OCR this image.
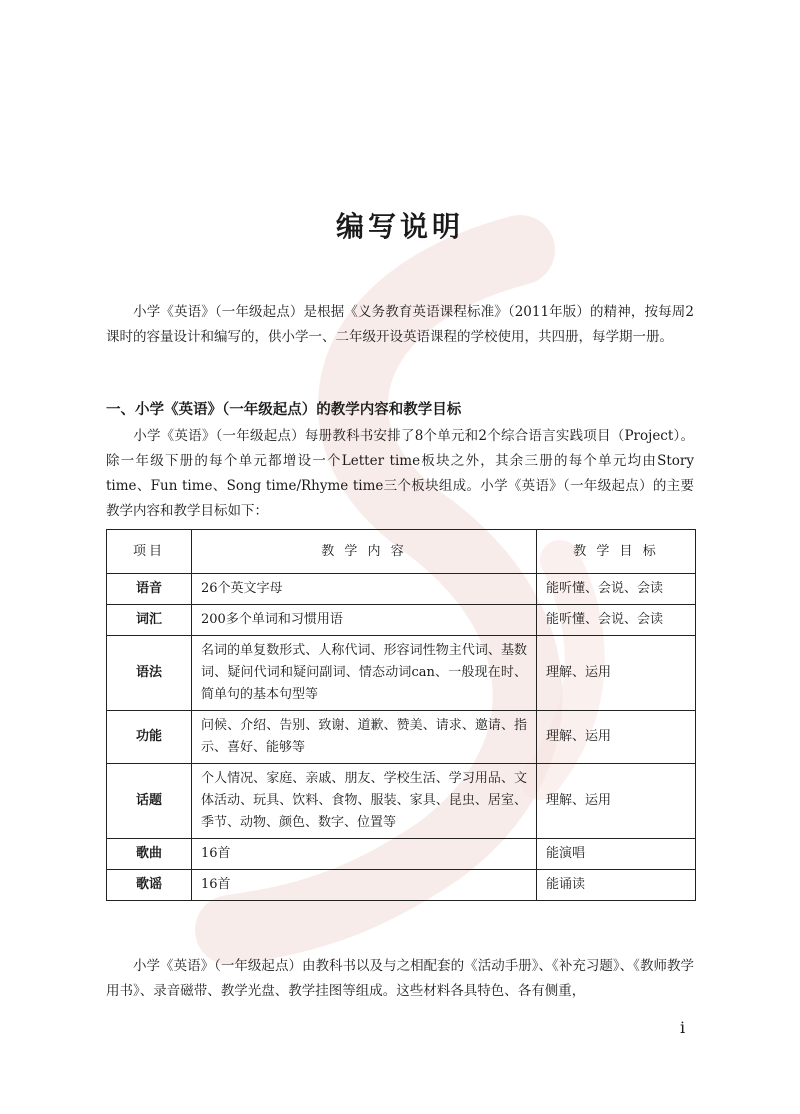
编写说明

小学《英语》（一年级起点）是根据《义务教育英语课程标准》（2011年版）的精神，按每周2课时的容量设计和编写的，供小学一、二年级开设英语课程的学校使用，共四册，每学期一册。

一、小学《英语》（一年级起点）的教学内容和教学目标

小学《英语》（一年级起点）每册教科书安排了8个单元和2个综合语言实践项目（Project）。除一年级下册的每个单元都增设一个Letter time板块之外，其余三册的每个单元均由Story time、Fun time、Song time/Rhyme time三个板块组成。小学《英语》（一年级起点）的主要教学内容和教学目标如下：

项目	教 学 内 容	教 学 目 标
语音	26个英文字母	能听懂、会说、会读
词汇	200多个单词和习惯用语	能听懂、会说、会读
语法	名词的单复数形式、人称代词、形容词性物主代词、基数词、疑问代词和疑问副词、情态动词can、一般现在时、简单句的基本句型等	理解、运用
功能	问候、介绍、告别、致谢、道歉、赞美、请求、邀请、指示、喜好、能够等	理解、运用
话题	个人情况、家庭、亲戚、朋友、学校生活、学习用品、文体活动、玩具、饮料、食物、服装、家具、昆虫、居室、季节、动物、颜色、数字、位置等	理解、运用
歌曲	16首	能演唱
歌谣	16首	能诵读

小学《英语》（一年级起点）由教科书以及与之相配套的《活动手册》、《补充习题》、《教师教学用书》、录音磁带、教学光盘、教学挂图等组成。这些材料各具特色、各有侧重，

i
